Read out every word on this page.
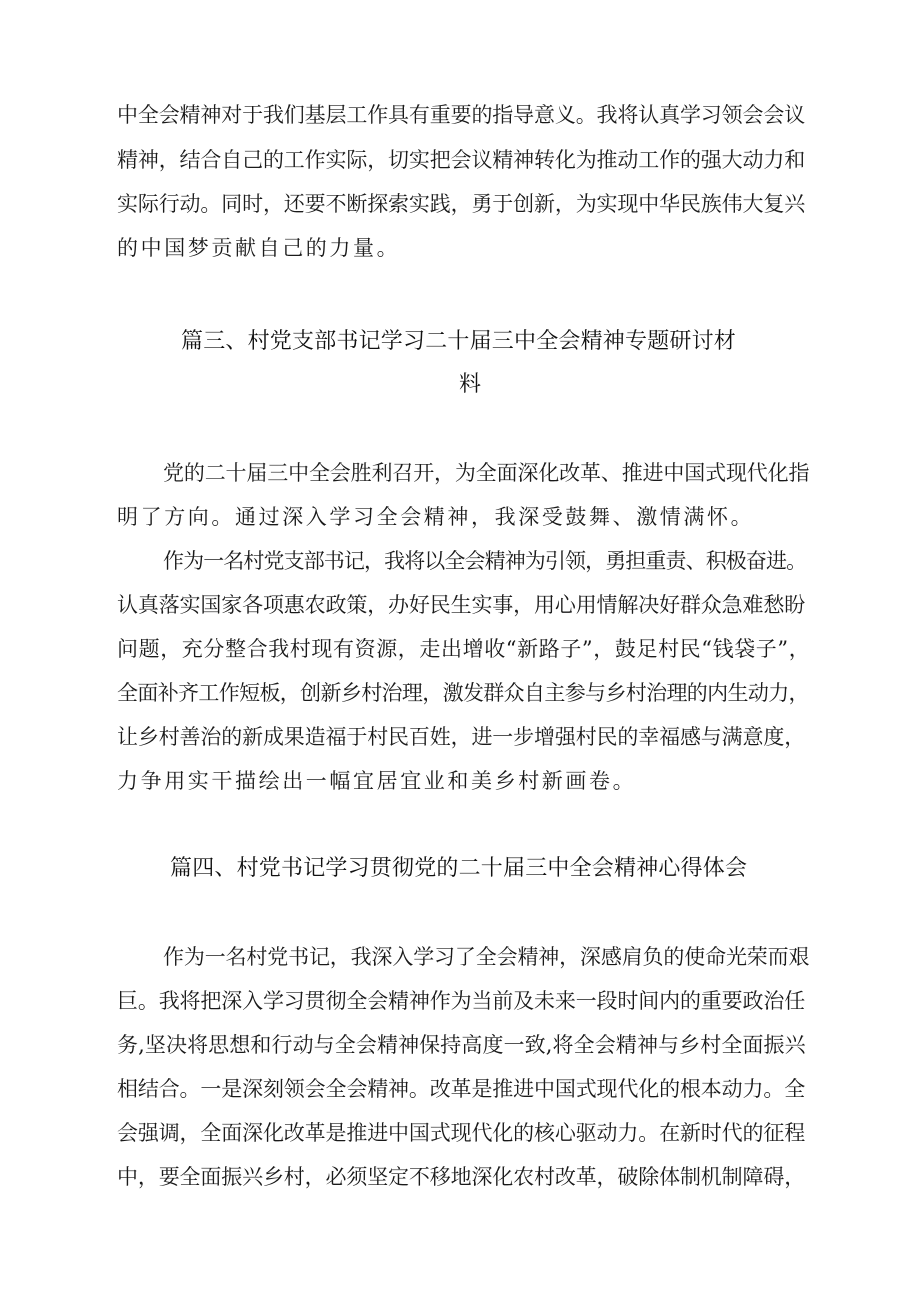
中全会精神对于我们基层工作具有重要的指导意义。我将认真学习领会会议
精神，结合自己的工作实际，切实把会议精神转化为推动工作的强大动力和
实际行动。同时，还要不断探索实践，勇于创新，为实现中华民族伟大复兴
的中国梦贡献自己的力量。
篇三、村党支部书记学习二十届三中全会精神专题研讨材
料
党的二十届三中全会胜利召开，为全面深化改革、推进中国式现代化指
明了方向。通过深入学习全会精神，我深受鼓舞、激情满怀。
作为一名村党支部书记，我将以全会精神为引领，勇担重责、积极奋进。
认真落实国家各项惠农政策，办好民生实事，用心用情解决好群众急难愁盼
问题，充分整合我村现有资源，走出增收“新路子”，鼓足村民“钱袋子”，
全面补齐工作短板，创新乡村治理，激发群众自主参与乡村治理的内生动力，
让乡村善治的新成果造福于村民百姓，进一步增强村民的幸福感与满意度，
力争用实干描绘出一幅宜居宜业和美乡村新画卷。
篇四、村党书记学习贯彻党的二十届三中全会精神心得体会
作为一名村党书记，我深入学习了全会精神，深感肩负的使命光荣而艰
巨。我将把深入学习贯彻全会精神作为当前及未来一段时间内的重要政治任
务,坚决将思想和行动与全会精神保持高度一致,将全会精神与乡村全面振兴
相结合。一是深刻领会全会精神。改革是推进中国式现代化的根本动力。全
会强调，全面深化改革是推进中国式现代化的核心驱动力。在新时代的征程
中，要全面振兴乡村，必须坚定不移地深化农村改革，破除体制机制障碍，
